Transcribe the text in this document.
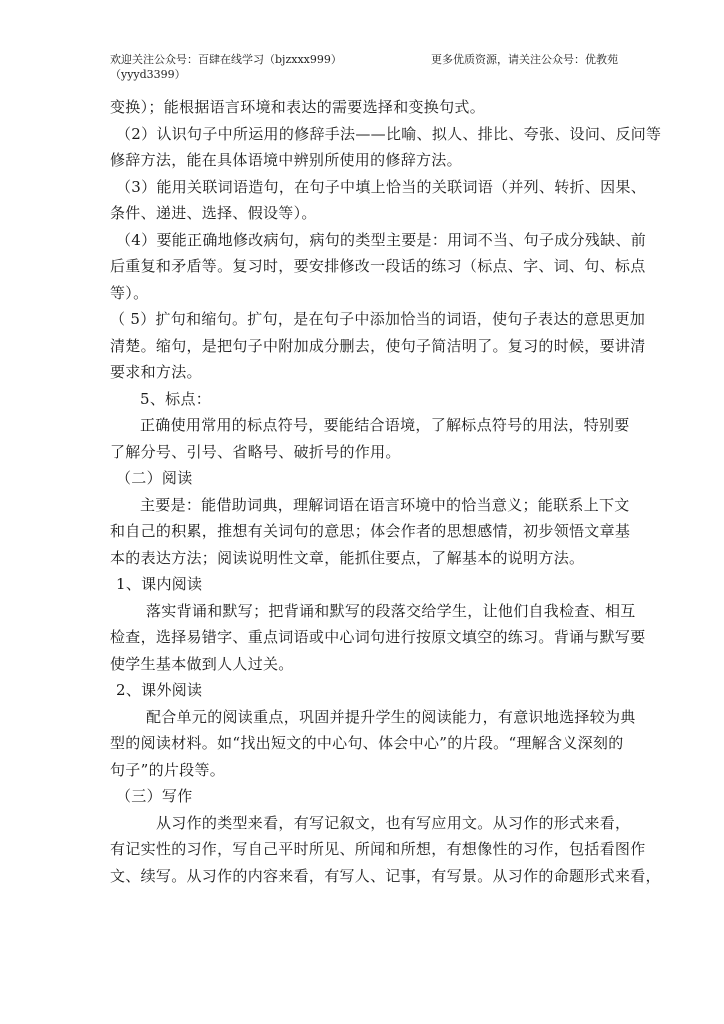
欢迎关注公众号：百肆在线学习（bjzxxx999）	更多优质资源，请关注公众号：优教苑
（yyyd3399）
变换）；能根据语言环境和表达的需要选择和变换句式。
（2）认识句子中所运用的修辞手法——比喻、拟人、排比、夸张、设问、反问等
修辞方法，能在具体语境中辨别所使用的修辞方法。
（3）能用关联词语造句，在句子中填上恰当的关联词语（并列、转折、因果、
条件、递进、选择、假设等）。
（4）要能正确地修改病句，病句的类型主要是：用词不当、句子成分残缺、前
后重复和矛盾等。复习时，要安排修改一段话的练习（标点、字、词、句、标点
等）。
（ 5）扩句和缩句。扩句，是在句子中添加恰当的词语，使句子表达的意思更加
清楚。缩句，是把句子中附加成分删去，使句子简洁明了。复习的时候，要讲清
要求和方法。
5、标点：
正确使用常用的标点符号，要能结合语境，了解标点符号的用法，特别要
了解分号、引号、省略号、破折号的作用。
（二）阅读
主要是：能借助词典，理解词语在语言环境中的恰当意义；能联系上下文
和自己的积累，推想有关词句的意思；体会作者的思想感情，初步领悟文章基
本的表达方法；阅读说明性文章，能抓住要点，了解基本的说明方法。
1、课内阅读
落实背诵和默写；把背诵和默写的段落交给学生，让他们自我检查、相互
检查，选择易错字、重点词语或中心词句进行按原文填空的练习。背诵与默写要
使学生基本做到人人过关。
2、课外阅读
配合单元的阅读重点，巩固并提升学生的阅读能力，有意识地选择较为典
型的阅读材料。如“找出短文的中心句、体会中心”的片段。“理解含义深刻的
句子”的片段等。
（三）写作
从习作的类型来看，有写记叙文，也有写应用文。从习作的形式来看，
有记实性的习作，写自己平时所见、所闻和所想，有想像性的习作，包括看图作
文、续写。从习作的内容来看，有写人、记事，有写景。从习作的命题形式来看，
